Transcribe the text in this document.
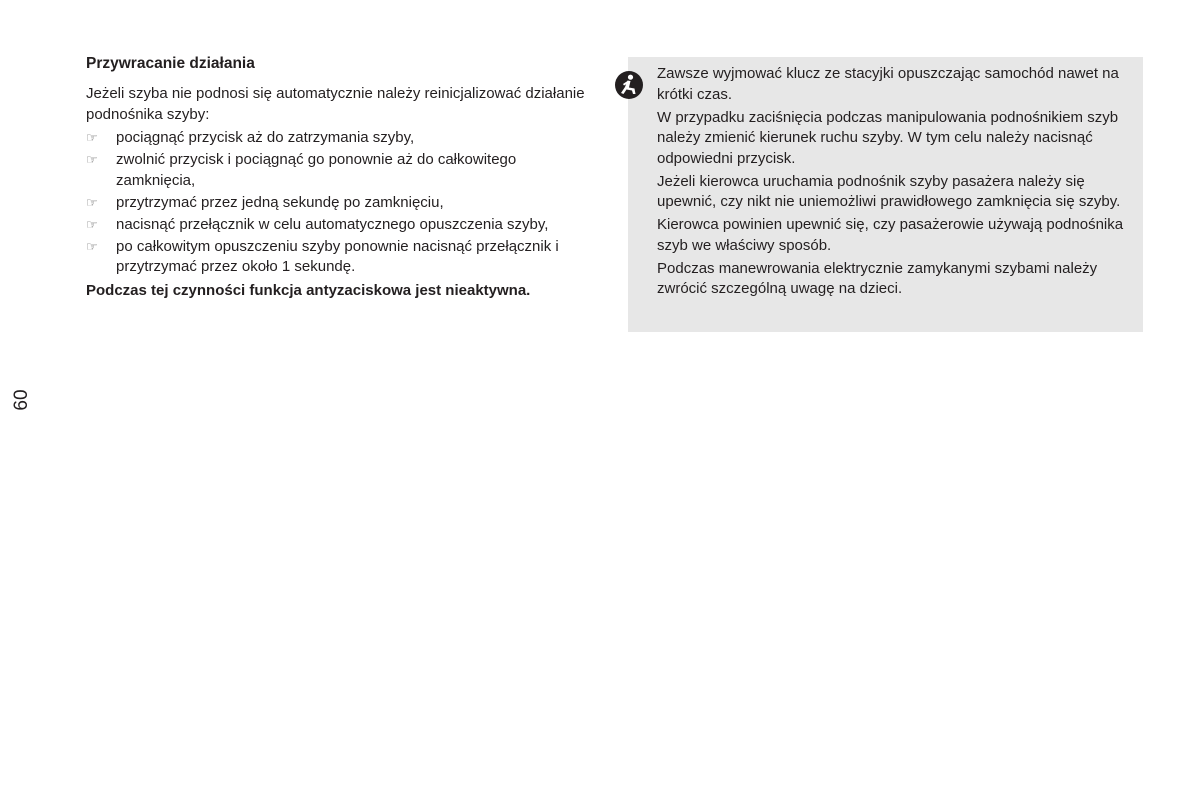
60
Przywracanie działania

Jeżeli szyba nie podnosi się automatycznie należy reinicjalizować działanie podnośnika szyby:

☞ pociągnąć przycisk aż do zatrzymania szyby,
☞ zwolnić przycisk i pociągnąć go ponownie aż do całkowitego zamknięcia,
☞ przytrzymać przez jedną sekundę po zamknięciu,
☞ nacisnąć przełącznik w celu automatycznego opuszczenia szyby,
☞ po całkowitym opuszczeniu szyby ponownie nacisnąć przełącznik i przytrzymać przez około 1 sekundę.

Podczas tej czynności funkcja antyzaciskowa jest nieaktywna.

Zawsze wyjmować klucz ze stacyjki opuszczając samochód nawet na krótki czas.

W przypadku zaciśnięcia podczas manipulowania podnośnikiem szyb należy zmienić kierunek ruchu szyby. W tym celu należy nacisnąć odpowiedni przycisk.

Jeżeli kierowca uruchamia podnośnik szyby pasażera należy się upewnić, czy nikt nie uniemożliwi prawidłowego zamknięcia się szyby.

Kierowca powinien upewnić się, czy pasażerowie używają podnośnika szyb we właściwy sposób.

Podczas manewrowania elektrycznie zamykanymi szybami należy zwrócić szczególną uwagę na dzieci.
